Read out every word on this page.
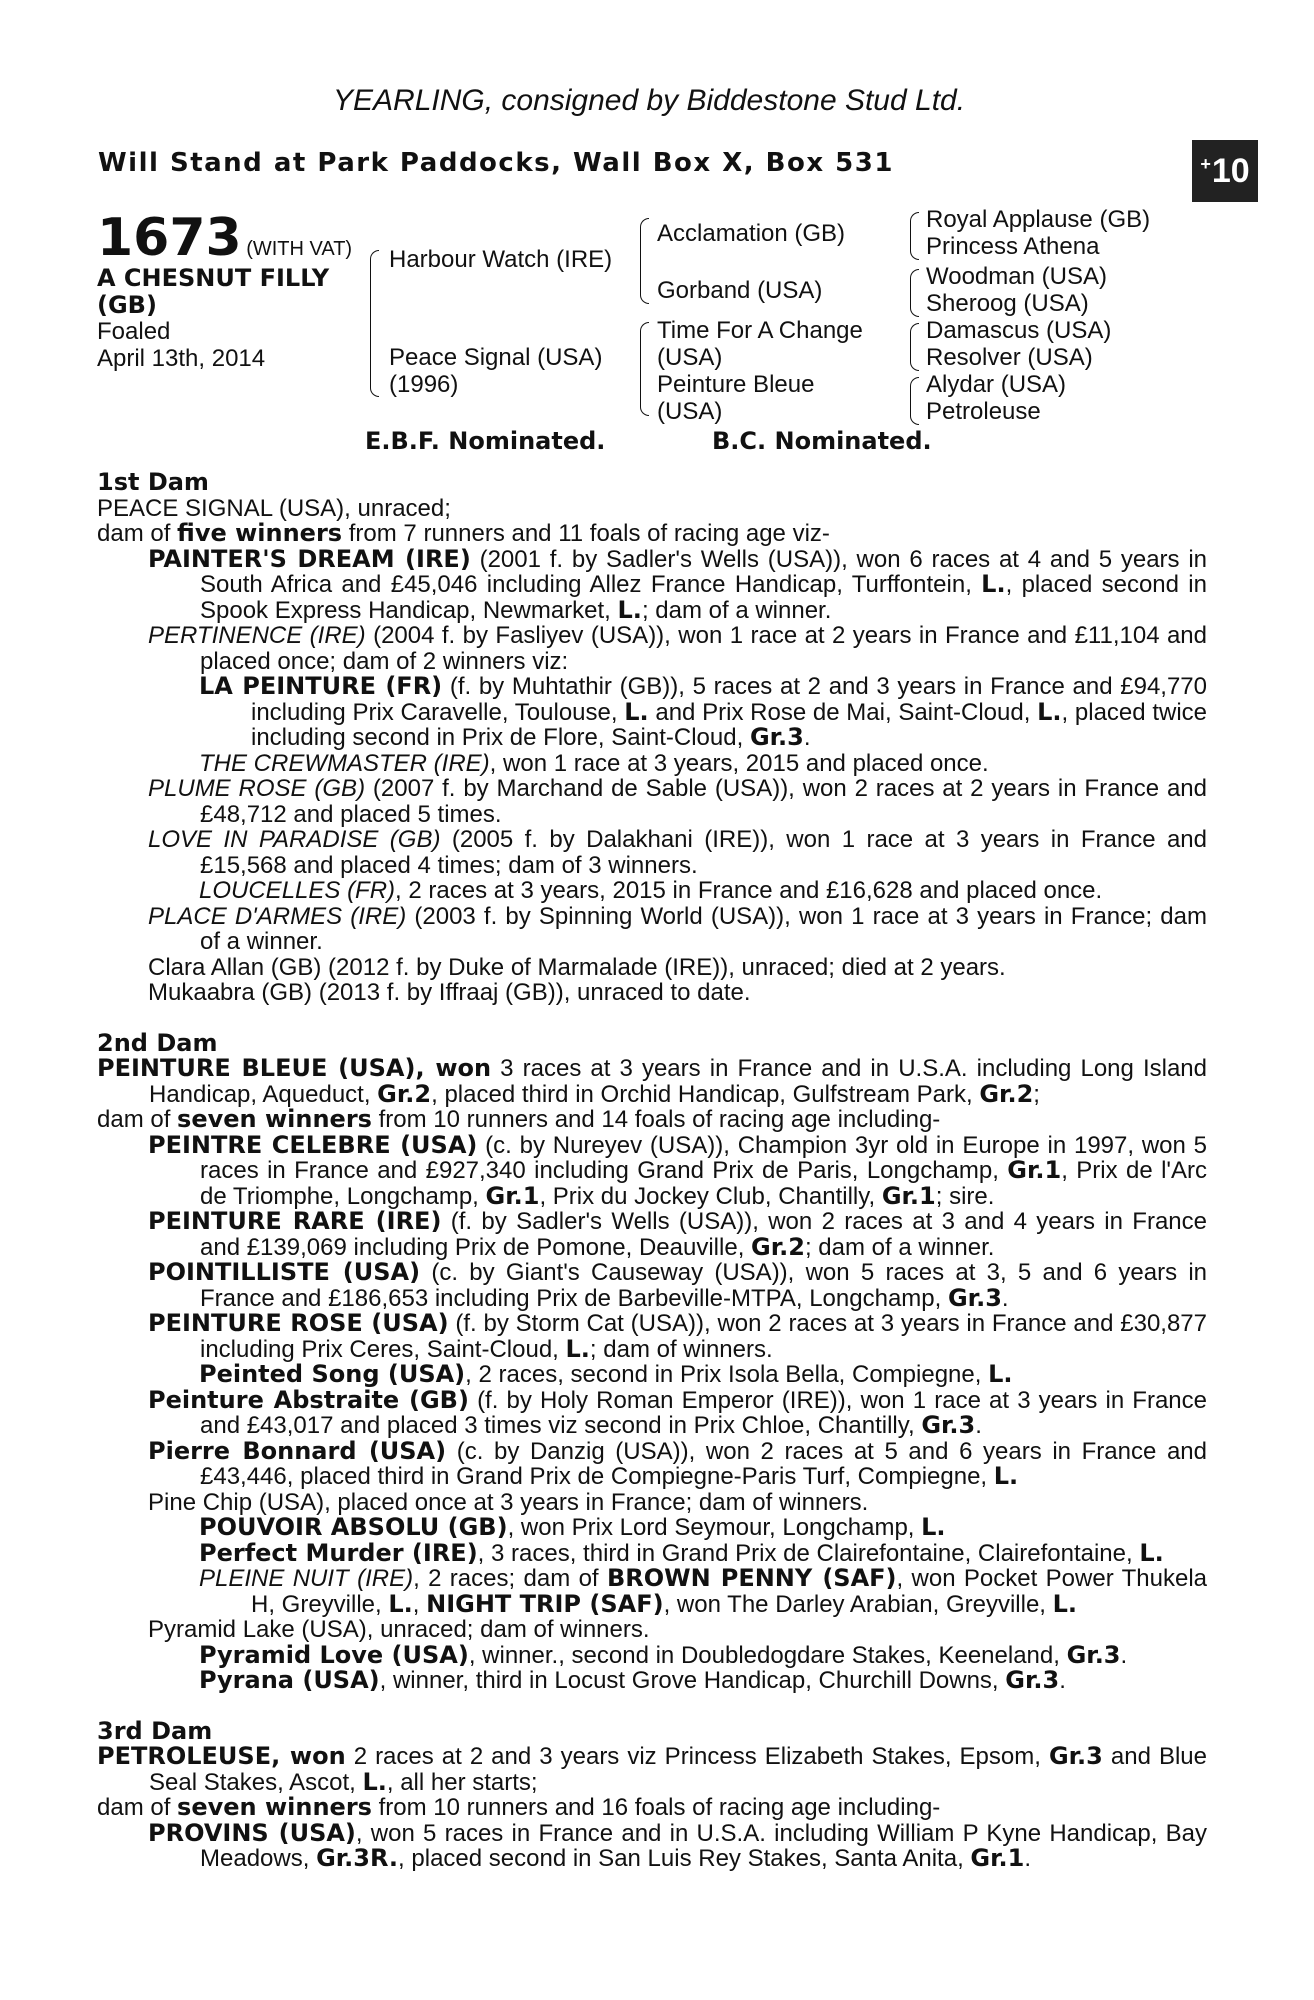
YEARLING, consigned by Biddestone Stud Ltd.
Will Stand at Park Paddocks, Wall Box X, Box 531	+ 10
1673 (WITH VAT)
A CHESNUT FILLY
(GB)
Foaled
April 13th, 2014
Harbour Watch (IRE)
Peace Signal (USA)
(1996)
Acclamation (GB)
Gorband (USA)
Time For A Change
(USA)
Peinture Bleue
(USA)
Royal Applause (GB)
Princess Athena
Woodman (USA)
Sheroog (USA)
Damascus (USA)
Resolver (USA)
Alydar (USA)
Petroleuse
E.B.F. Nominated.	B.C. Nominated.

1st Dam

PEACE SIGNAL (USA), unraced;

dam of five winners from 7 runners and 11 foals of racing age viz-

PAINTER'S DREAM (IRE) (2001 f. by Sadler's Wells (USA)), won 6 races at 4 and 5 years in South Africa and £45,046 including Allez France Handicap, Turffontein, L., placed second in Spook Express Handicap, Newmarket, L.; dam of a winner.

PERTINENCE (IRE) (2004 f. by Fasliyev (USA)), won 1 race at 2 years in France and £11,104 and placed once; dam of 2 winners viz:

LA PEINTURE (FR) (f. by Muhtathir (GB)), 5 races at 2 and 3 years in France and £94,770 including Prix Caravelle, Toulouse, L. and Prix Rose de Mai, Saint-Cloud, L., placed twice including second in Prix de Flore, Saint-Cloud, Gr.3.

THE CREWMASTER (IRE), won 1 race at 3 years, 2015 and placed once.

PLUME ROSE (GB) (2007 f. by Marchand de Sable (USA)), won 2 races at 2 years in France and £48,712 and placed 5 times.

LOVE IN PARADISE (GB) (2005 f. by Dalakhani (IRE)), won 1 race at 3 years in France and £15,568 and placed 4 times; dam of 3 winners.

LOUCELLES (FR), 2 races at 3 years, 2015 in France and £16,628 and placed once.

PLACE D'ARMES (IRE) (2003 f. by Spinning World (USA)), won 1 race at 3 years in France; dam of a winner.

Clara Allan (GB) (2012 f. by Duke of Marmalade (IRE)), unraced; died at 2 years.

Mukaabra (GB) (2013 f. by Iffraaj (GB)), unraced to date.

2nd Dam

PEINTURE BLEUE (USA), won 3 races at 3 years in France and in U.S.A. including Long Island Handicap, Aqueduct, Gr.2, placed third in Orchid Handicap, Gulfstream Park, Gr.2;

dam of seven winners from 10 runners and 14 foals of racing age including-

PEINTRE CELEBRE (USA) (c. by Nureyev (USA)), Champion 3yr old in Europe in 1997, won 5 races in France and £927,340 including Grand Prix de Paris, Longchamp, Gr.1, Prix de l'Arc de Triomphe, Longchamp, Gr.1, Prix du Jockey Club, Chantilly, Gr.1; sire.

PEINTURE RARE (IRE) (f. by Sadler's Wells (USA)), won 2 races at 3 and 4 years in France and £139,069 including Prix de Pomone, Deauville, Gr.2; dam of a winner.

POINTILLISTE (USA) (c. by Giant's Causeway (USA)), won 5 races at 3, 5 and 6 years in France and £186,653 including Prix de Barbeville-MTPA, Longchamp, Gr.3.

PEINTURE ROSE (USA) (f. by Storm Cat (USA)), won 2 races at 3 years in France and £30,877 including Prix Ceres, Saint-Cloud, L.; dam of winners.

Peinted Song (USA), 2 races, second in Prix Isola Bella, Compiegne, L.

Peinture Abstraite (GB) (f. by Holy Roman Emperor (IRE)), won 1 race at 3 years in France and £43,017 and placed 3 times viz second in Prix Chloe, Chantilly, Gr.3.

Pierre Bonnard (USA) (c. by Danzig (USA)), won 2 races at 5 and 6 years in France and £43,446, placed third in Grand Prix de Compiegne-Paris Turf, Compiegne, L.

Pine Chip (USA), placed once at 3 years in France; dam of winners.

POUVOIR ABSOLU (GB), won Prix Lord Seymour, Longchamp, L.

Perfect Murder (IRE), 3 races, third in Grand Prix de Clairefontaine, Clairefontaine, L.

PLEINE NUIT (IRE), 2 races; dam of BROWN PENNY (SAF), won Pocket Power Thukela H, Greyville, L., NIGHT TRIP (SAF), won The Darley Arabian, Greyville, L.

Pyramid Lake (USA), unraced; dam of winners.

Pyramid Love (USA), winner., second in Doubledogdare Stakes, Keeneland, Gr.3.

Pyrana (USA), winner, third in Locust Grove Handicap, Churchill Downs, Gr.3.

3rd Dam

PETROLEUSE, won 2 races at 2 and 3 years viz Princess Elizabeth Stakes, Epsom, Gr.3 and Blue Seal Stakes, Ascot, L., all her starts;

dam of seven winners from 10 runners and 16 foals of racing age including-

PROVINS (USA), won 5 races in France and in U.S.A. including William P Kyne Handicap, Bay Meadows, Gr.3R., placed second in San Luis Rey Stakes, Santa Anita, Gr.1.
